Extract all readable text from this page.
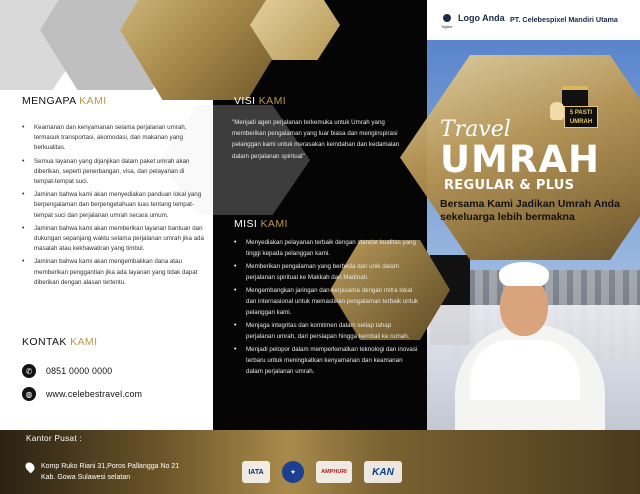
Logo Anda
Tagline
PT. Celebespixel Mandiri Utama
MENGAPA KAMI
• Keamanan dan kenyamanan selama perjalanan umrah, termasuk transportasi, akomodasi, dan makanan yang berkualitas.
• Semua layanan yang dijanjikan dalam paket umrah akan diberikan, seperti penerbangan, visa, dan pelayanan di tempat-tempat suci.
• Jaminan bahwa kami akan menyediakan panduan lokal yang berpengalaman dan berpengetahuan luas tentang tempat-tempat suci dan perjalanan umrah secara umum.
• Jaminan bahwa kami akan memberikan layanan bantuan dan dukungan sepanjang waktu selama perjalanan umrah jika ada masalah atau kekhawatiran yang timbul.
• Jaminan bahwa kami akan mengembalikan dana atau memberikan penggantian jika ada layanan yang tidak dapat diberikan dengan alasan tertentu.
KONTAK KAMI
✆	0851 0000 0000
◍	www.celebestravel.com
VISI KAMI
"Menjadi agen perjalanan terkemuka untuk Umrah yang memberikan pengalaman yang luar biasa dan menginspirasi pelanggan kami untuk merasakan keindahan dan kedamaian dalam perjalanan spiritual"
MISI KAMI
• Menyediakan pelayanan terbaik dengan standar kualitas yang tinggi kepada pelanggan kami.
• Memberikan pengalaman yang berbeda dan unik dalam perjalanan spiritual ke Makkah dan Madinah.
• Mengembangkan jaringan dan kerjasama dengan mitra lokal dan internasional untuk memastikan pengalaman terbaik untuk pelanggan kami.
• Menjaga integritas dan komitmen dalam setiap tahap perjalanan umrah, dari persiapan hingga kembali ke rumah.
• Menjadi pelopor dalam memperkenalkan teknologi dan inovasi terbaru untuk meningkatkan kenyamanan dan keamanan dalam perjalanan umrah.
5 PASTI
UMRAH
Travel
UMRAH
REGULAR & PLUS
Bersama Kami Jadikan Umrah Anda sekeluarga lebih bermakna
Kantor Pusat :
Komp Ruko Riani 31,Poros Pallangga No 21
Kab. Gowa Sulawesi selatan
IATA	✦	AMPHURI	KAN
